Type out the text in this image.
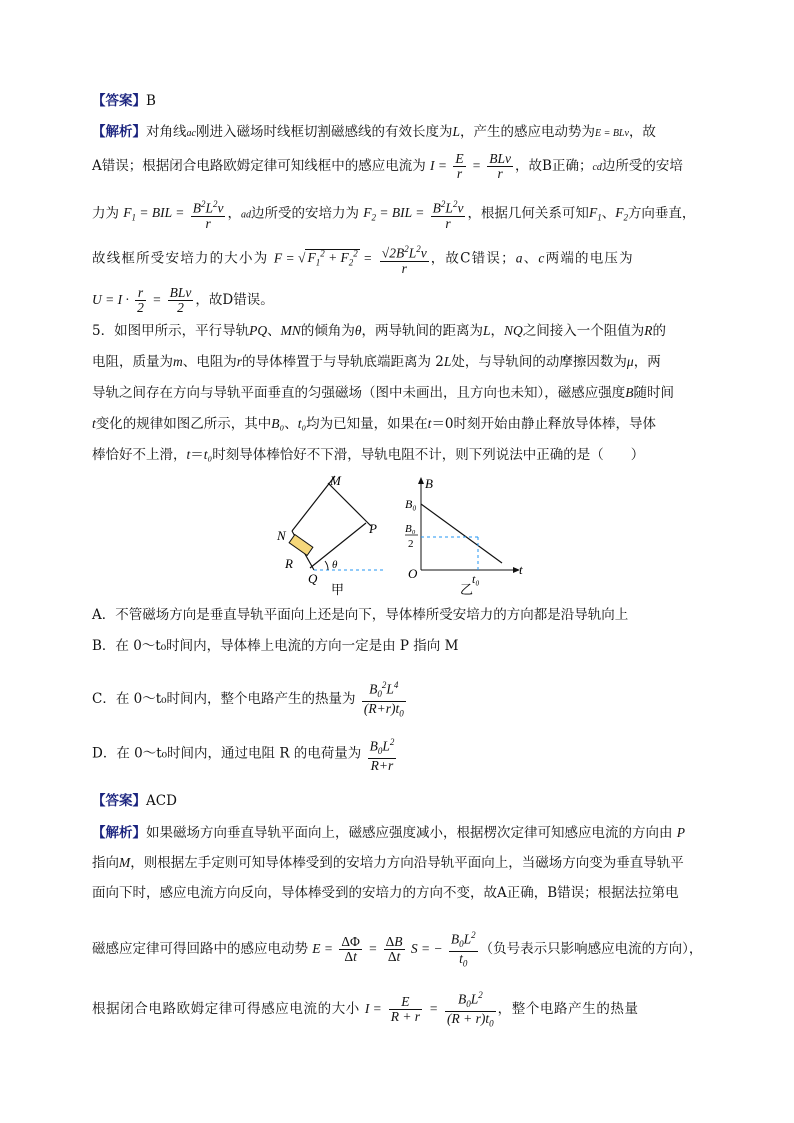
【答案】B
【解析】对角线ac刚进入磁场时线框切割磁感线的有效长度为L，产生的感应电动势为E = BLv，故
A错误；根据闭合电路欧姆定律可知线框中的感应电流为 $I = \frac{E}{r} = \frac{\text{BLv}}{r}$ ，故B正确；cd边所受的安培
力为 $F_1$ = BIL = $\frac{B^2L^2v}{r}$ ，ad边所受的安培力为 $F_2$ = BIL = $\frac{B^2L^2v}{r}$ ，根据几何关系可知$F_1$、$F_2$方向垂直，
故线框所受安培力的大小为 F = √ $F_1^2 + F_2^2 = \frac{√2B^2L^2v}{r}$ ，故C错误；a、c两端的电压为
$U = I \cdot \frac{r}{2} = \frac{\text{BLv}}{2}$ ，故D错误。
5．如图甲所示，平行导轨PQ、MN的倾角为θ，两导轨间的距离为L，NQ之间接入一个阻值为R的
电阻，质量为m、电阻为r的导体棒置于与导轨底端距离为 2L处，与导轨间的动摩擦因数为μ，两
导轨之间存在方向与导轨平面垂直的匀强磁场（图中未画出，且方向也未知），磁感应强度B随时间
t变化的规律如图乙所示，其中B₀、t₀均为已知量，如果在t＝0时刻开始由静止释放导体棒，导体
棒恰好不上滑，t＝t₀时刻导体棒恰好不下滑，导轨电阻不计，则下列说法中正确的是（　　）
M
N	P
Q
R	θ
甲
B
B₀
B₀
2
O	t₀
t
乙
A．不管磁场方向是垂直导轨平面向上还是向下，导体棒所受安培力的方向都是沿导轨向上
B．在 0～t₀时间内，导体棒上电流的方向一定是由 P 指向 M
C．在 0～t₀时间内，整个电路产生的热量为 $\frac{B_0^2L^4}{(R+r)t_0}$
D．在 0～t₀时间内，通过电阻 R 的电荷量为 $\frac{B_0L^2}{R+r}$
【答案】ACD
【解析】如果磁场方向垂直导轨平面向上，磁感应强度减小，根据楞次定律可知感应电流的方向由 P
指向M，则根据左手定则可知导体棒受到的安培力方向沿导轨平面向上，当磁场方向变为垂直导轨平
面向下时，感应电流方向反向，导体棒受到的安培力的方向不变，故A正确，B错误；根据法拉第电
磁感应定律可得回路中的感应电动势 $E = \frac{\Delta\Phi}{\Delta t} = \frac{\Delta B}{\Delta t}$ S = − $\frac{B_0L^2}{t_0}$ （负号表示只影响感应电流的方向），
根据闭合电路欧姆定律可得感应电流的大小 $I = \frac{E}{R + r} = \frac{B_0L^2}{(R + r)t_0}$ ，整个电路产生的热量
